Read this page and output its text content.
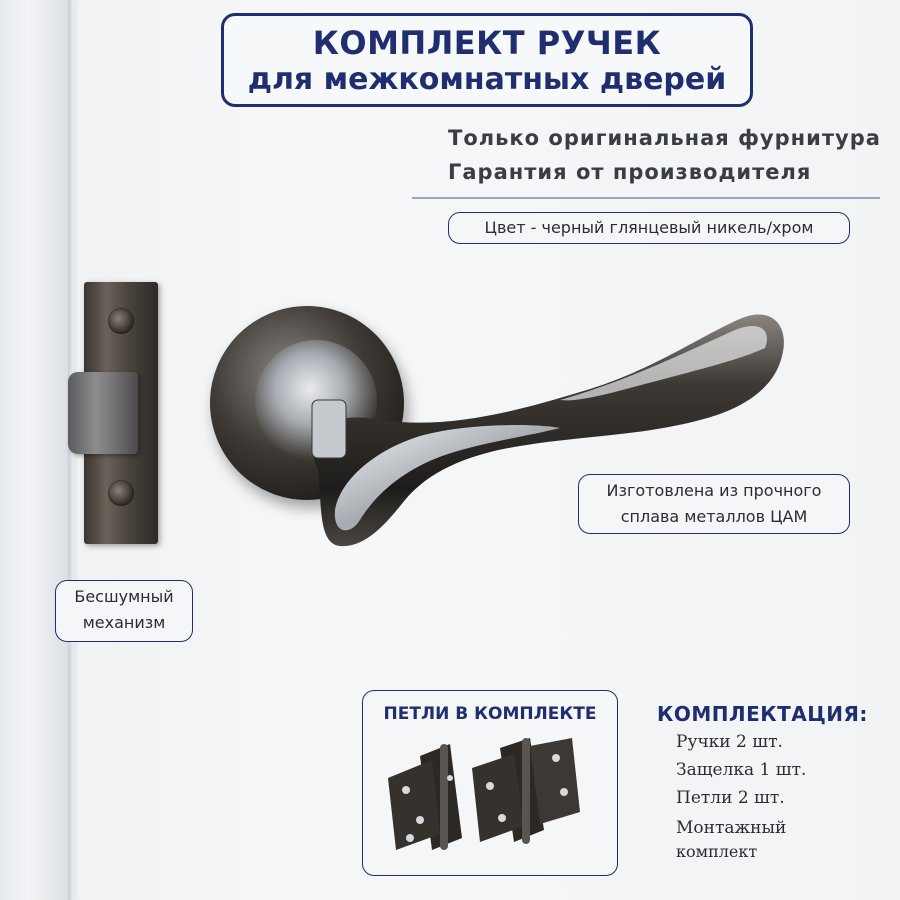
КОМПЛЕКТ РУЧЕК
для межкомнатных дверей
Только оригинальная фурнитура
Гарантия от производителя
Цвет - черный глянцевый никель/хром
Изготовлена из прочного
сплава металлов ЦАМ
Бесшумный
механизм
ПЕТЛИ В КОМПЛЕКТЕ	КОМПЛЕКТАЦИЯ:
Ручки 2 шт.
Защелка 1 шт.
Петли 2 шт.
Монтажный
комплект
